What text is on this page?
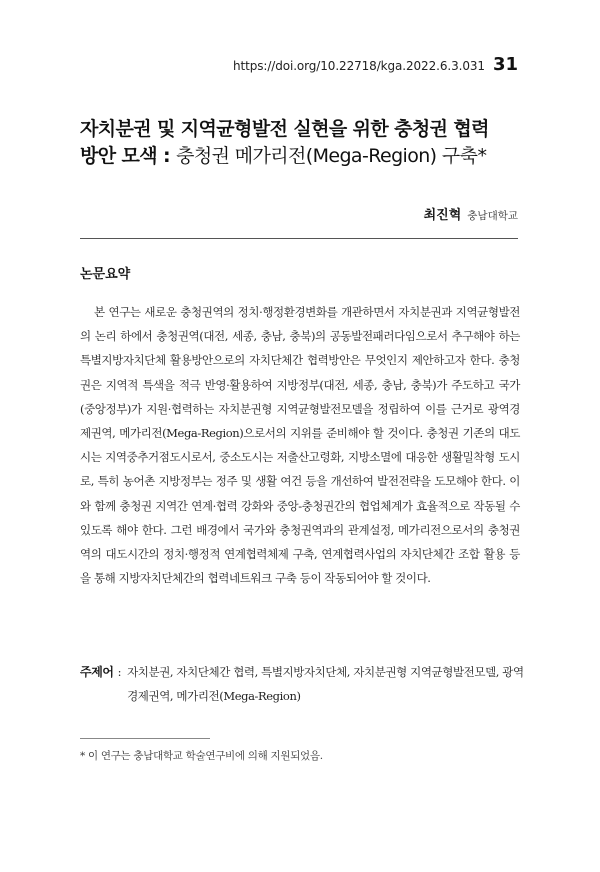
https://doi.org/10.22718/kga.2022.6.3.031 31
자치분권 및 지역균형발전 실현을 위한 충청권 협력
방안 모색 : 충청권 메가리전(Mega-Region) 구축*
최진혁 충남대학교
논문요약

본 연구는 새로운 충청권역의 정치·행정환경변화를 개관하면서 자치분권과 지역균형발전의 논리 하에서 충청권역(대전, 세종, 충남, 충북)의 공동발전패러다임으로서 추구해야 하는 특별지방자치단체 활용방안으로의 자치단체간 협력방안은 무엇인지 제안하고자 한다. 충청권은 지역적 특색을 적극 반영·활용하여 지방정부(대전, 세종, 충남, 충북)가 주도하고 국가(중앙정부)가 지원·협력하는 자치분권형 지역균형발전모델을 정립하여 이를 근거로 광역경제권역, 메가리전(Mega-Region)으로서의 지위를 준비해야 할 것이다. 충청권 기존의 대도시는 지역중추거점도시로서, 중소도시는 저출산고령화, 지방소멸에 대응한 생활밀착형 도시로, 특히 농어촌 지방정부는 정주 및 생활 여건 등을 개선하여 발전전략을 도모해야 한다. 이와 함께 충청권 지역간 연계·협력 강화와 중앙-충청권간의 협업체계가 효율적으로 작동될 수 있도록 해야 한다. 그런 배경에서 국가와 충청권역과의 관계설정, 메가리전으로서의 충청권역의 대도시간의 정치·행정적 연계협력체제 구축, 연계협력사업의 자치단체간 조합 활용 등을 통해 지방자치단체간의 협력네트워크 구축 등이 작동되어야 할 것이다.

주제어 : 자치분권, 자치단체간 협력, 특별지방자치단체, 자치분권형 지역균형발전모델, 광역경제권역, 메가리전(Mega-Region)
* 이 연구는 충남대학교 학술연구비에 의해 지원되었음.
